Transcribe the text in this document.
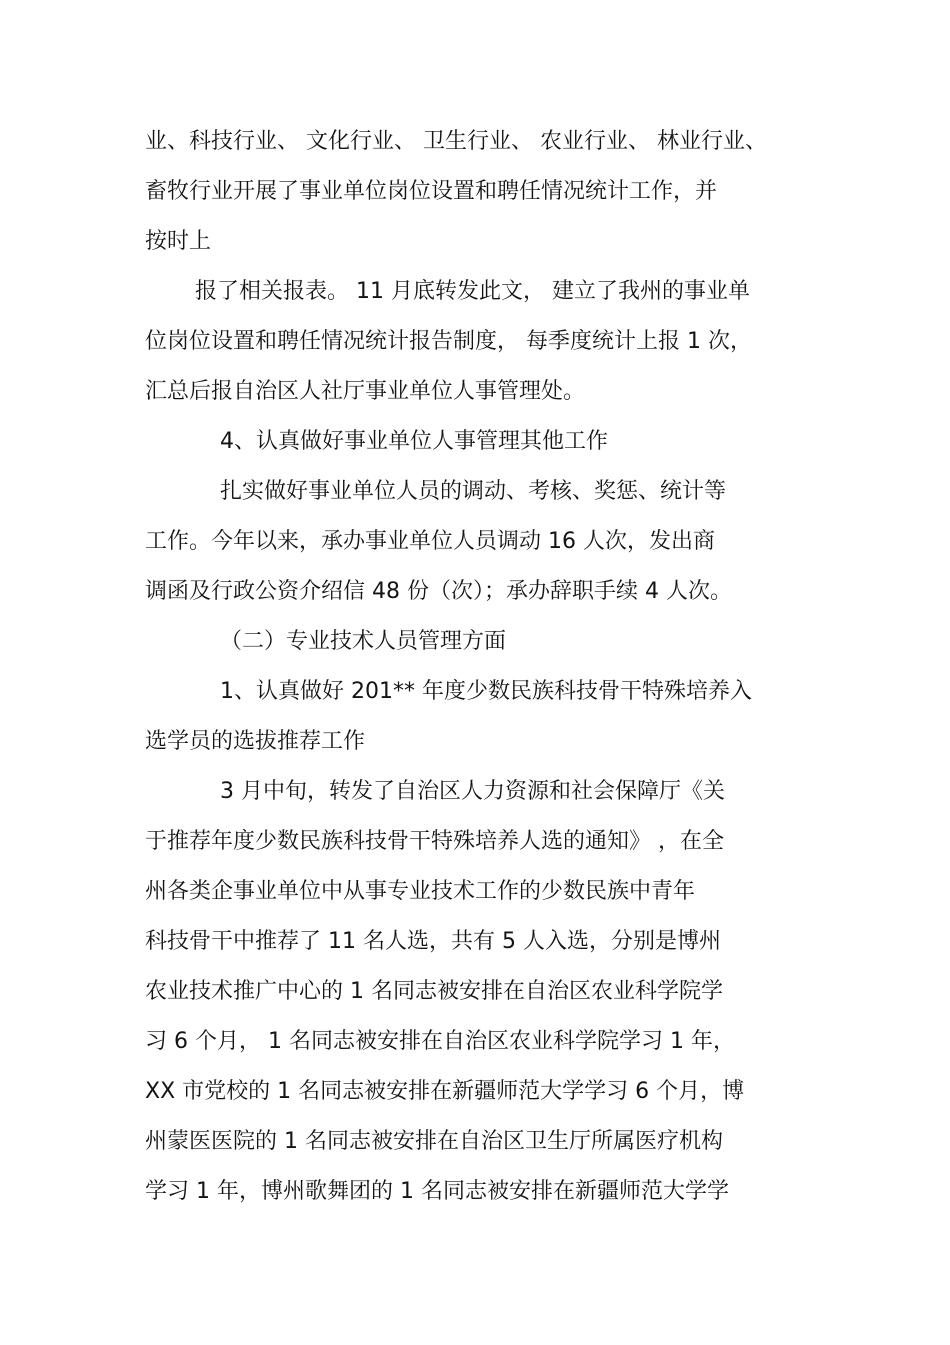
业、科技行业、 文化行业、 卫生行业、 农业行业、 林业行业、
畜牧行业开展了事业单位岗位设置和聘任情况统计工作，并
按时上
报了相关报表。 11 月底转发此文， 建立了我州的事业单
位岗位设置和聘任情况统计报告制度， 每季度统计上报 1 次，
汇总后报自治区人社厅事业单位人事管理处。
4、认真做好事业单位人事管理其他工作
扎实做好事业单位人员的调动、考核、奖惩、统计等
工作。今年以来，承办事业单位人员调动 16 人次，发出商
调函及行政公资介绍信 48 份（次）；承办辞职手续 4 人次。
（二）专业技术人员管理方面
1、认真做好 201** 年度少数民族科技骨干特殊培养入
选学员的选拔推荐工作
3 月中旬，转发了自治区人力资源和社会保障厅《关
于推荐年度少数民族科技骨干特殊培养人选的通知》 ，在全
州各类企事业单位中从事专业技术工作的少数民族中青年
科技骨干中推荐了 11 名人选，共有 5 人入选，分别是博州
农业技术推广中心的 1 名同志被安排在自治区农业科学院学
习 6 个月， 1 名同志被安排在自治区农业科学院学习 1 年，
XX 市党校的 1 名同志被安排在新疆师范大学学习 6 个月，博
州蒙医医院的 1 名同志被安排在自治区卫生厅所属医疗机构
学习 1 年，博州歌舞团的 1 名同志被安排在新疆师范大学学
